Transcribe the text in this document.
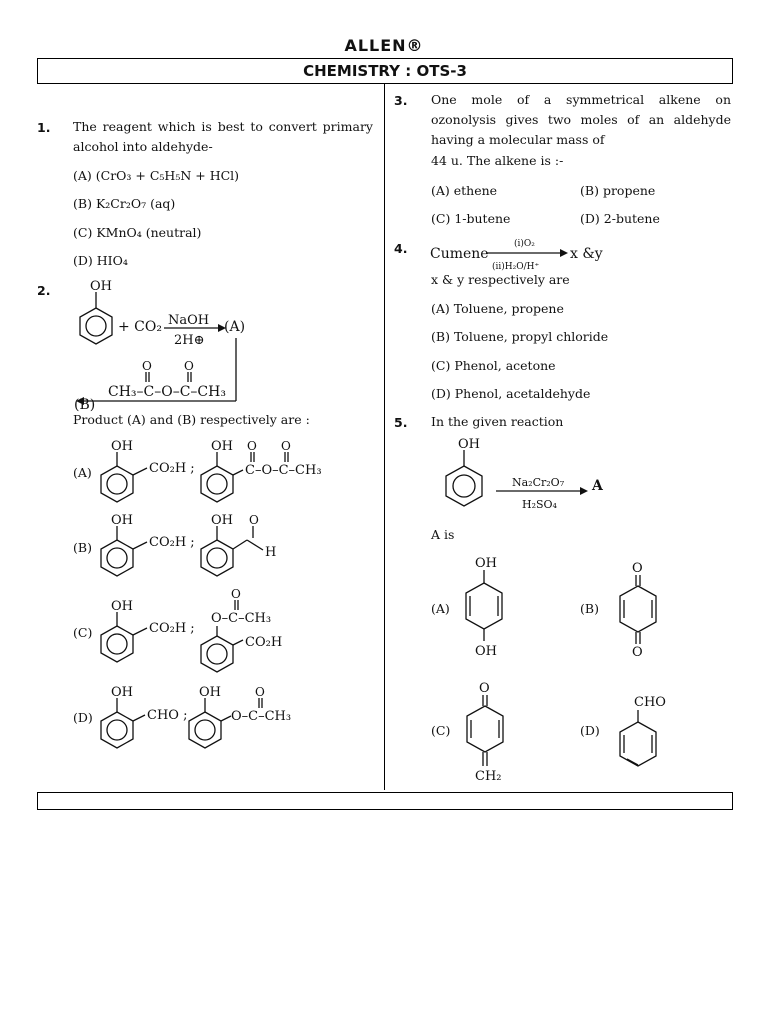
ALLEN®
CHEMISTRY : OTS-3
1. The reagent which is best to convert primary alcohol into aldehyde-
(A) (CrO₃ + C₅H₅N + HCl)
(B) K₂Cr₂O₇ (aq)
(C) KMnO₄ (neutral)
(D) HIO₄
2.	OH
+ CO₂ NaOH
2H⊕
(A)
O	O
CH₃–C–O–C–CH₃
(B)
Product (A) and (B) respectively are :
(A)
OH
CO₂H ;
OH O O
C–O–C–CH₃
(B)
OH
CO₂H ;
OH O
H
(C)
OH
CO₂H ;
O
O–C–CH₃
CO₂H
(D)
OH
CHO ;
OH	O
O–C–CH₃
3. One mole of a symmetrical alkene on ozonolysis gives two moles of an aldehyde having a molecular mass of
44 u. The alkene is :-
(A) ethene	(B) propene
(C) 1-butene	(D) 2-butene
4. Cumene
(i)O₂
(ii)H₂O/H⁺
x &y
x & y respectively are
(A) Toluene, propene
(B) Toluene, propyl chloride
(C) Phenol, acetone
(D) Phenol, acetaldehyde
5. In the given reaction
OH
Na₂Cr₂O₇
H₂SO₄
A
A is
(A)
OH
OH
(B)
O
O
(C)
O
CH₂
(D)
CHO
